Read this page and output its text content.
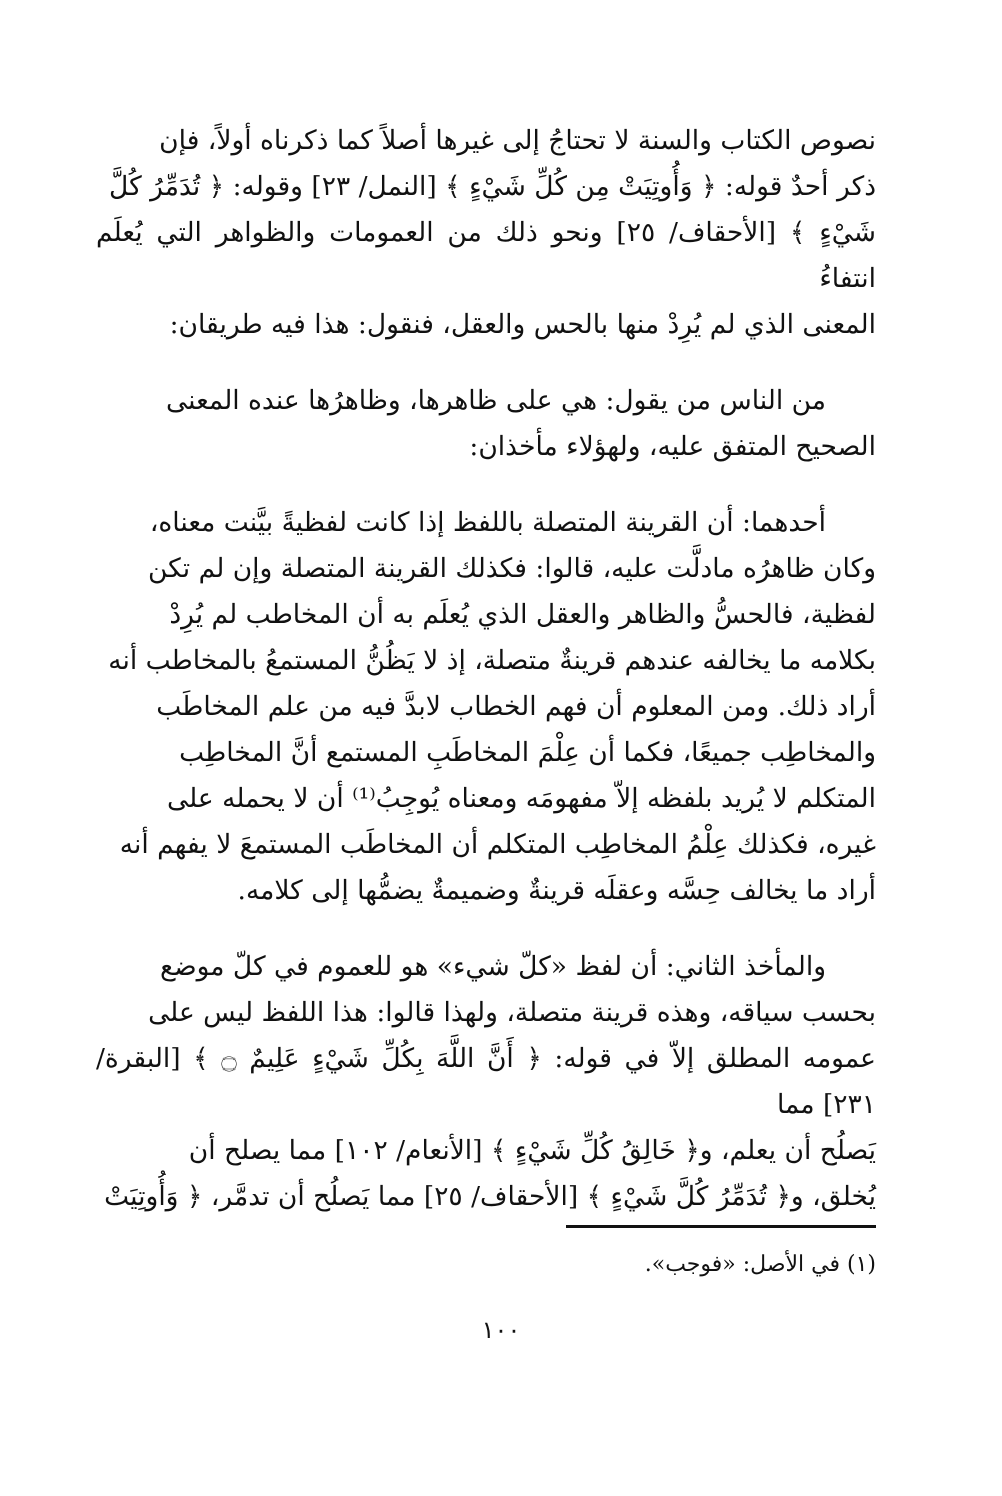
نصوص الكتاب والسنة لا تحتاجُ إلى غيرها أصلاً كما ذكرناه أولاً، فإن

ذكر أحدٌ قوله: ﴿ وَأُوتِيَتْ مِن كُلِّ شَيْءٍ ﴾ [النمل/ ٢٣] وقوله: ﴿ تُدَمِّرُ كُلَّ

شَيْءٍ ﴾ [الأحقاف/ ٢٥] ونحو ذلك من العمومات والظواهر التي يُعلَم انتفاءُ

المعنى الذي لم يُرِدْ منها بالحس والعقل، فنقول: هذا فيه طريقان:

من الناس من يقول: هي على ظاهرها، وظاهرُها عنده المعنى

الصحيح المتفق عليه، ولهؤلاء مأخذان:

أحدهما: أن القرينة المتصلة باللفظ إذا كانت لفظيةً بيَّنت معناه،

وكان ظاهرُه مادلَّت عليه، قالوا: فكذلك القرينة المتصلة وإن لم تكن

لفظية، فالحسُّ والظاهر والعقل الذي يُعلَم به أن المخاطب لم يُرِدْ

بكلامه ما يخالفه عندهم قرينةٌ متصلة، إذ لا يَظُنُّ المستمعُ بالمخاطب أنه

أراد ذلك. ومن المعلوم أن فهم الخطاب لابدَّ فيه من علم المخاطَب

والمخاطِب جميعًا، فكما أن عِلْمَ المخاطَبِ المستمع أنَّ المخاطِب

المتكلم لا يُريد بلفظه إلاّ مفهومَه ومعناه يُوجِبُ⁽¹⁾ أن لا يحمله على

غيره، فكذلك عِلْمُ المخاطِب المتكلم أن المخاطَب المستمعَ لا يفهم أنه

أراد ما يخالف حِسَّه وعقلَه قرينةٌ وضميمةٌ يضمُّها إلى كلامه.

والمأخذ الثاني: أن لفظ «كلّ شيء» هو للعموم في كلّ موضع

بحسب سياقه، وهذه قرينة متصلة، ولهذا قالوا: هذا اللفظ ليس على

عمومه المطلق إلاّ في قوله: ﴿ أَنَّ اللَّهَ بِكُلِّ شَيْءٍ عَلِيمٌ ۝ ﴾ [البقرة/ ٢٣١] مما

يَصلُح أن يعلم، و﴿ خَالِقُ كُلِّ شَيْءٍ ﴾ [الأنعام/ ١٠٢] مما يصلح أن

يُخلق، و﴿ تُدَمِّرُ كُلَّ شَيْءٍ ﴾ [الأحقاف/ ٢٥] مما يَصلُح أن تدمَّر، ﴿ وَأُوتِيَتْ

(١) في الأصل: «فوجب».
١٠٠
